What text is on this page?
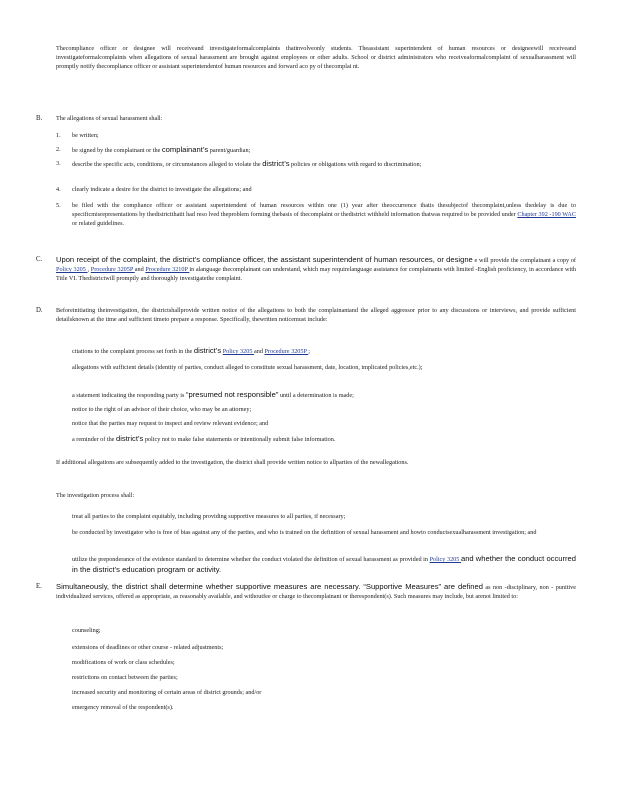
Thecompliance officer or designee will receiveand investigateformalcomplaints thatinvolveonly students. Theassistant superintendent of human resources or designeewill receiveand investigateformalcomplaints when allegations of sexual harassment are brought against employees or other adults. School or district administrators who receiveaformalcomplaint of sexualharassment will promptly notify thecompliance officer or assistant superintendentof human resources and forward aco py of thecomplai nt.
B. The allegations of sexual harassment shall:
1. be written;
2. be signed by the complainant or the complainant’s parent/guardian;
3. describe the specific acts, conditions, or circumstances alleged to violate the district’s policies or obligations with regard to discrimination;
4. clearly indicate a desire for the district to investigate the allegations; and
5. be filed with the compliance officer or assistant superintendent of human resources within one (1) year after theoccurrence thatis thesubjectof thecomplaint,unless thedelay is due to specificmisrepresentations by thedistrictthatit had reso lved theproblem forming thebasis of thecomplaint or thedistrict withheld information thatwas required to be provided under Chapter 392 -190 WAC or related guidelines.
C. Upon receipt of the complaint, the district’s compliance officer, the assistant superintendent of human resources, or designe e will provide the complainant a copy of Policy 3205 , Procedure 3205P and Procedure 3210P in alanguage thecomplainant can understand, which may requirelanguage assistance for complainants with limited -English proficiency, in accordance with Title VI. Thedistrictwill promptly and thoroughly investigatethe complaint.
D. Beforeinitiating theinvestigation, the districtshallprovide written notice of the allegations to both the complainantand the alleged aggressor prior to any discussions or interviews, and provide sufficient detailsknown at the time and sufficient timeto prepare a response. Specifically, thewritten noticemust include:
citations to the complaint process set forth in the district’s Policy 3205 and Procedure 3205P ;
allegations with sufficient details (identity of parties, conduct alleged to constitute sexual harassment, date, location, implicated policies,etc.);
a statement indicating the responding party is “presumed not responsible” until a determination is made;
notice to the right of an advisor of their choice, who may be an attorney;
notice that the parties may request to inspect and review relevant evidence; and
a reminder of the district’s policy not to make false statements or intentionally submit false information.
If additional allegations are subsequently added to the investigation, the district shall provide written notice to allparties of the newallegations.
The investigation process shall:
treat all parties to the complaint equitably, including providing supportive measures to all parties, if necessary;
be conducted by investigator who is free of bias against any of the parties, and who is trained on the definition of sexual harassment and howto conductsexualharassment investigation; and
utilize the preponderance of the evidence standard to determine whether the conduct violated the definition of sexual harassment as provided in Policy 3205 and whether the conduct occurred in the district’s education program or activity.
E. Simultaneously, the district shall determine whether supportive measures are necessary. “Supportive Measures” are defined as non -disciplinary, non - punitive individualized services, offered as appropriate, as reasonably available, and withoutfee or charge to thecomplainant or therespondent(s). Such measures may include, but arenot limited to:
counseling;
extensions of deadlines or other course - related adjustments;
modifications of work or class schedules;
restrictions on contact between the parties;
increased security and monitoring of certain areas of district grounds; and/or
emergency removal of the respondent(s).
